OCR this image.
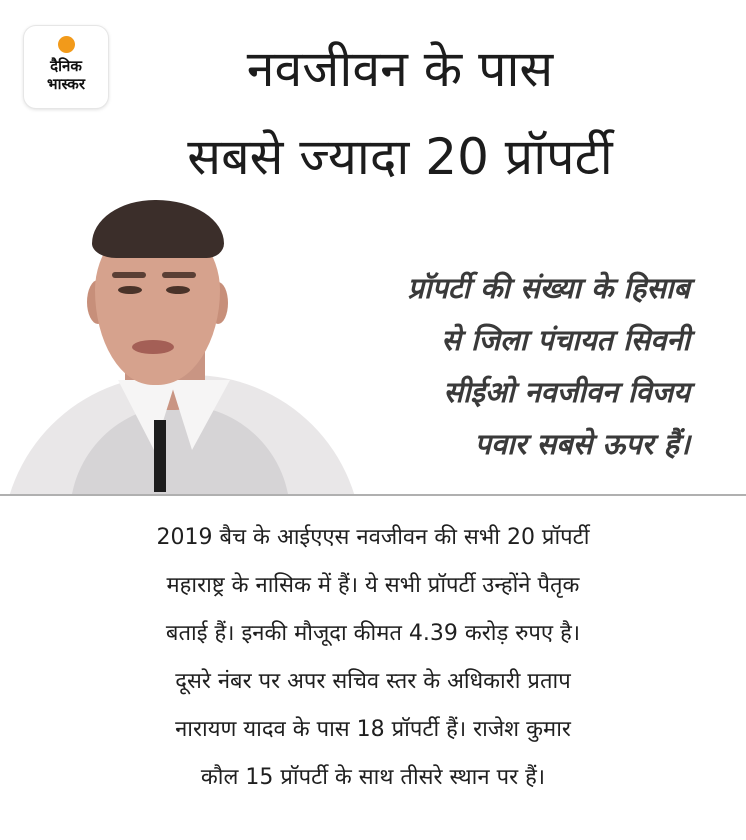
दैनिक
भास्कर	नवजीवन के पास
सबसे ज्यादा 20 प्रॉपर्टी
प्रॉपर्टी की संख्या के हिसाब
से जिला पंचायत सिवनी
सीईओ नवजीवन विजय
पवार सबसे ऊपर हैं।
2019 बैच के आईएएस नवजीवन की सभी 20 प्रॉपर्टी
महाराष्ट्र के नासिक में हैं। ये सभी प्रॉपर्टी उन्होंने पैतृक
बताई हैं। इनकी मौजूदा कीमत 4.39 करोड़ रुपए है।
दूसरे नंबर पर अपर सचिव स्तर के अधिकारी प्रताप
नारायण यादव के पास 18 प्रॉपर्टी हैं। राजेश कुमार
कौल 15 प्रॉपर्टी के साथ तीसरे स्थान पर हैं।
